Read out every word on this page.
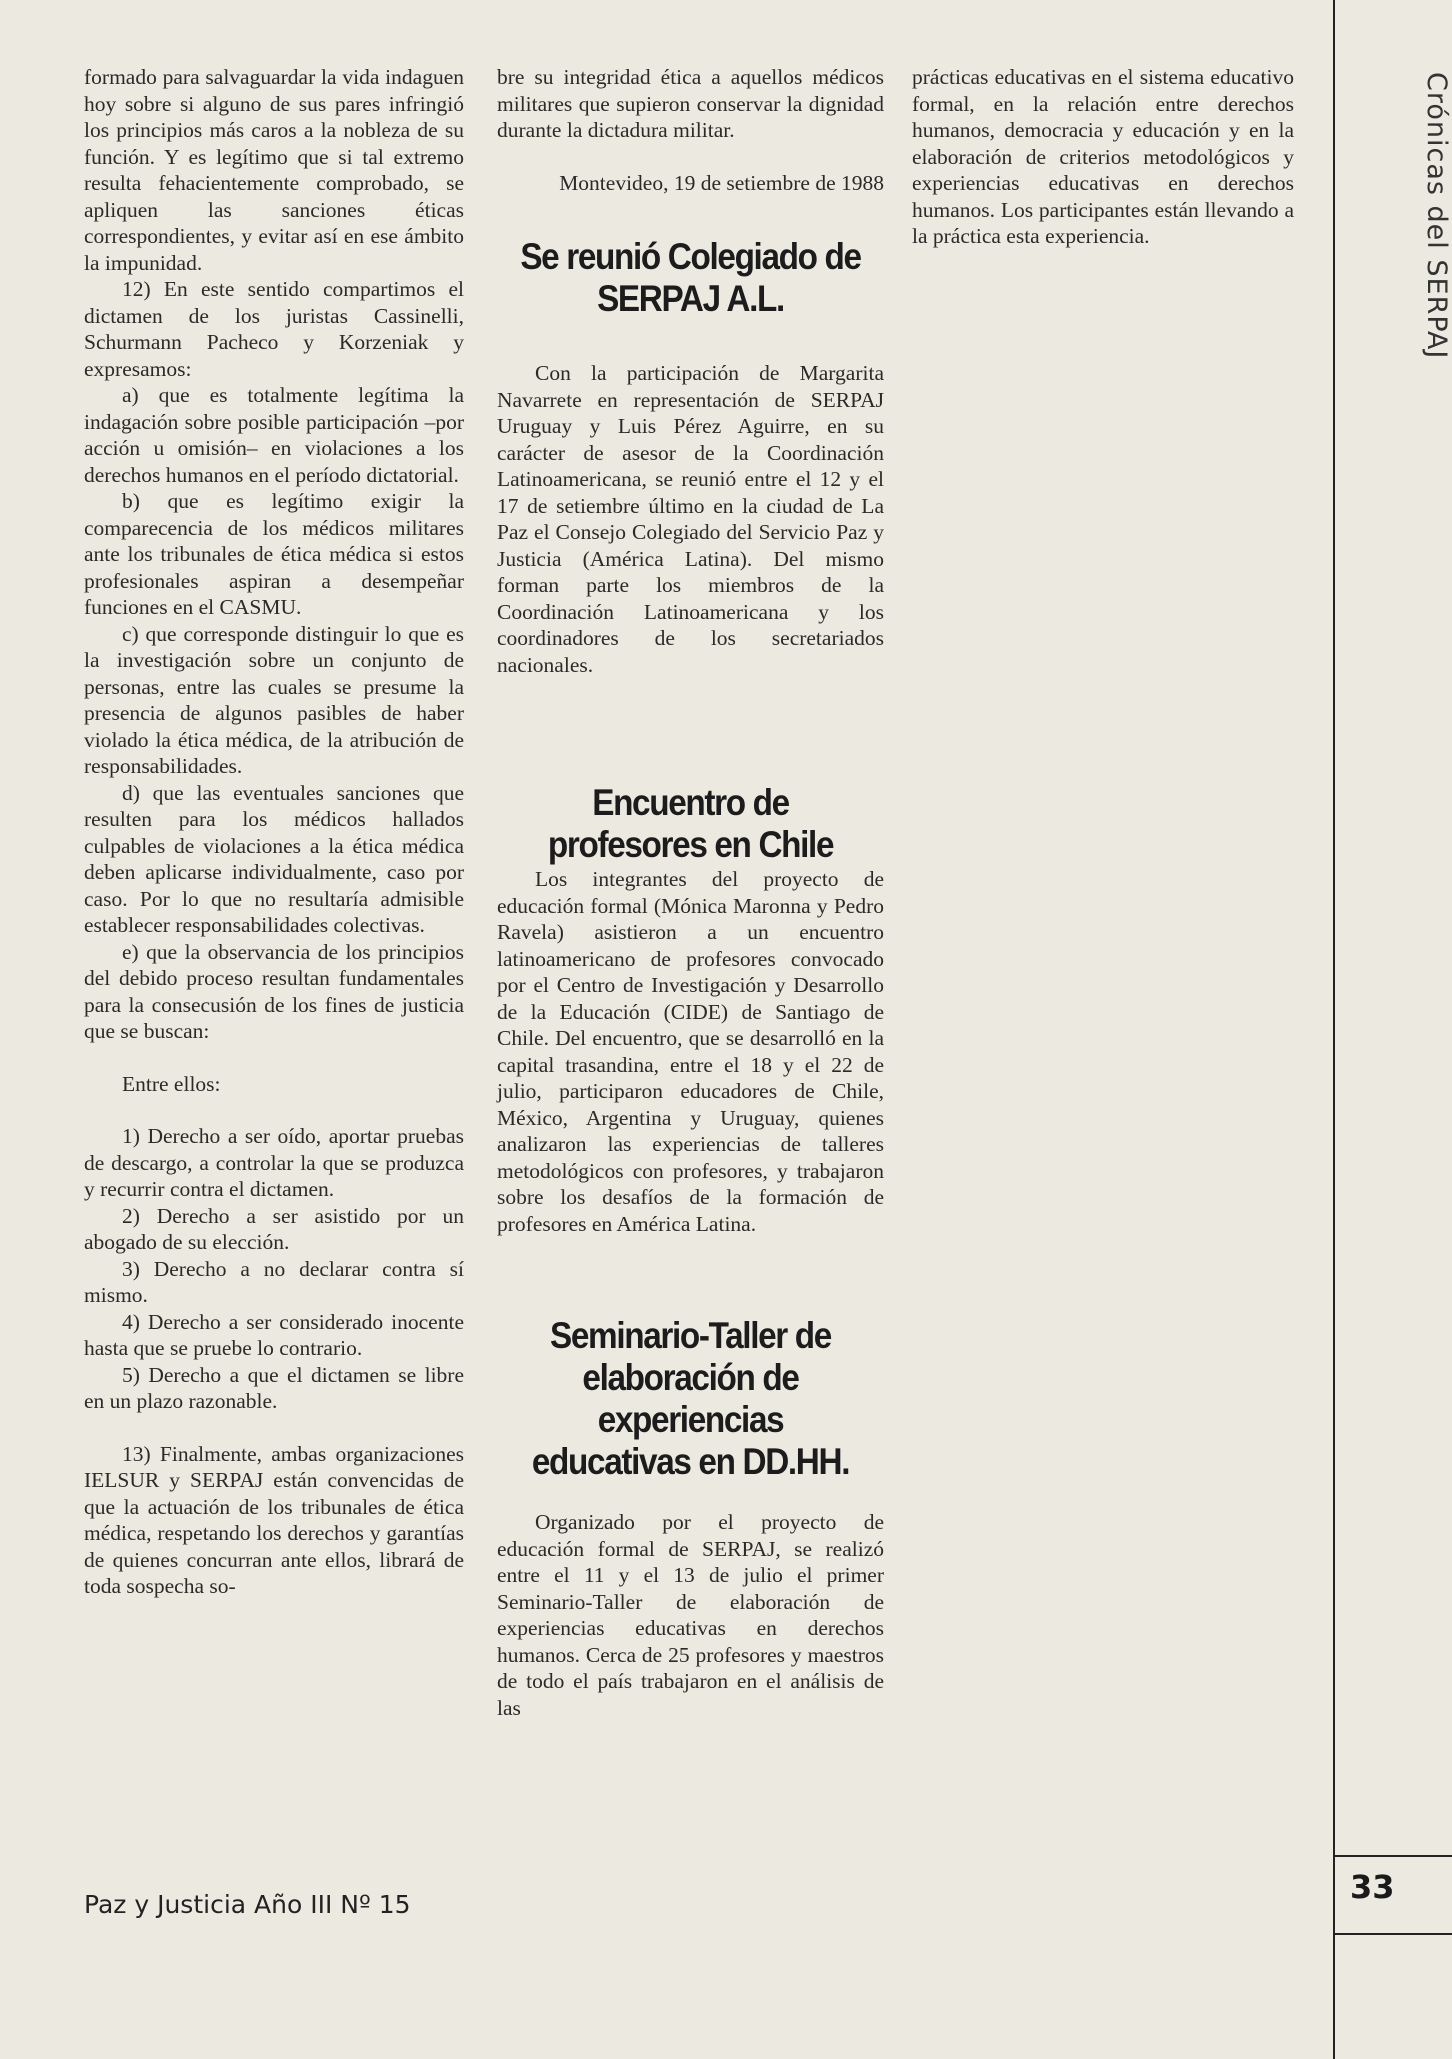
Crónicas del SERPAJ
33

formado para salvaguardar la vida indaguen hoy sobre si alguno de sus pares infringió los principios más caros a la nobleza de su función. Y es legítimo que si tal extremo resulta fehacientemente comprobado, se apliquen las sanciones éticas correspondientes, y evitar así en ese ámbito la impunidad.

12) En este sentido compartimos el dictamen de los juristas Cassinelli, Schurmann Pacheco y Korzeniak y expresamos:

a) que es totalmente legítima la indagación sobre posible participación –por acción u omisión– en violaciones a los derechos humanos en el período dictatorial.

b) que es legítimo exigir la comparecencia de los médicos militares ante los tribunales de ética médica si estos profesionales aspiran a desempeñar funciones en el CASMU.

c) que corresponde distinguir lo que es la investigación sobre un conjunto de personas, entre las cuales se presume la presencia de algunos pasibles de haber violado la ética médica, de la atribución de responsabilidades.

d) que las eventuales sanciones que resulten para los médicos hallados culpables de violaciones a la ética médica deben aplicarse individualmente, caso por caso. Por lo que no resultaría admisible establecer responsabilidades colectivas.

e) que la observancia de los principios del debido proceso resultan fundamentales para la consecusión de los fines de justicia que se buscan:

Entre ellos:

1) Derecho a ser oído, aportar pruebas de descargo, a controlar la que se produzca y recurrir contra el dictamen.

2) Derecho a ser asistido por un abogado de su elección.

3) Derecho a no declarar contra sí mismo.

4) Derecho a ser considerado inocente hasta que se pruebe lo contrario.

5) Derecho a que el dictamen se libre en un plazo razonable.

13) Finalmente, ambas organizaciones IELSUR y SERPAJ están convencidas de que la actuación de los tribunales de ética médica, respetando los derechos y garantías de quienes concurran ante ellos, librará de toda sospecha so-

bre su integridad ética a aquellos médicos militares que supieron conservar la dignidad durante la dictadura militar.

Montevideo, 19 de setiembre de 1988

Se reunió Colegiado de SERPAJ A.L.

Con la participación de Margarita Navarrete en representación de SERPAJ Uruguay y Luis Pérez Aguirre, en su carácter de asesor de la Coordinación Latinoamericana, se reunió entre el 12 y el 17 de setiembre último en la ciudad de La Paz el Consejo Colegiado del Servicio Paz y Justicia (América Latina). Del mismo forman parte los miembros de la Coordinación Latinoamericana y los coordinadores de los secretariados nacionales.

Encuentro de profesores en Chile

Los integrantes del proyecto de educación formal (Mónica Maronna y Pedro Ravela) asistieron a un encuentro latinoamericano de profesores convocado por el Centro de Investigación y Desarrollo de la Educación (CIDE) de Santiago de Chile. Del encuentro, que se desarrolló en la capital trasandina, entre el 18 y el 22 de julio, participaron educadores de Chile, México, Argentina y Uruguay, quienes analizaron las experiencias de talleres metodológicos con profesores, y trabajaron sobre los desafíos de la formación de profesores en América Latina.

Seminario-Taller de elaboración de experiencias educativas en DD.HH.

Organizado por el proyecto de educación formal de SERPAJ, se realizó entre el 11 y el 13 de julio el primer Seminario-Taller de elaboración de experiencias educativas en derechos humanos. Cerca de 25 profesores y maestros de todo el país trabajaron en el análisis de las

prácticas educativas en el sistema educativo formal, en la relación entre derechos humanos, democracia y educación y en la elaboración de criterios metodológicos y experiencias educativas en derechos humanos. Los participantes están llevando a la práctica esta experiencia.

Paz y Justicia Año III Nº 15
